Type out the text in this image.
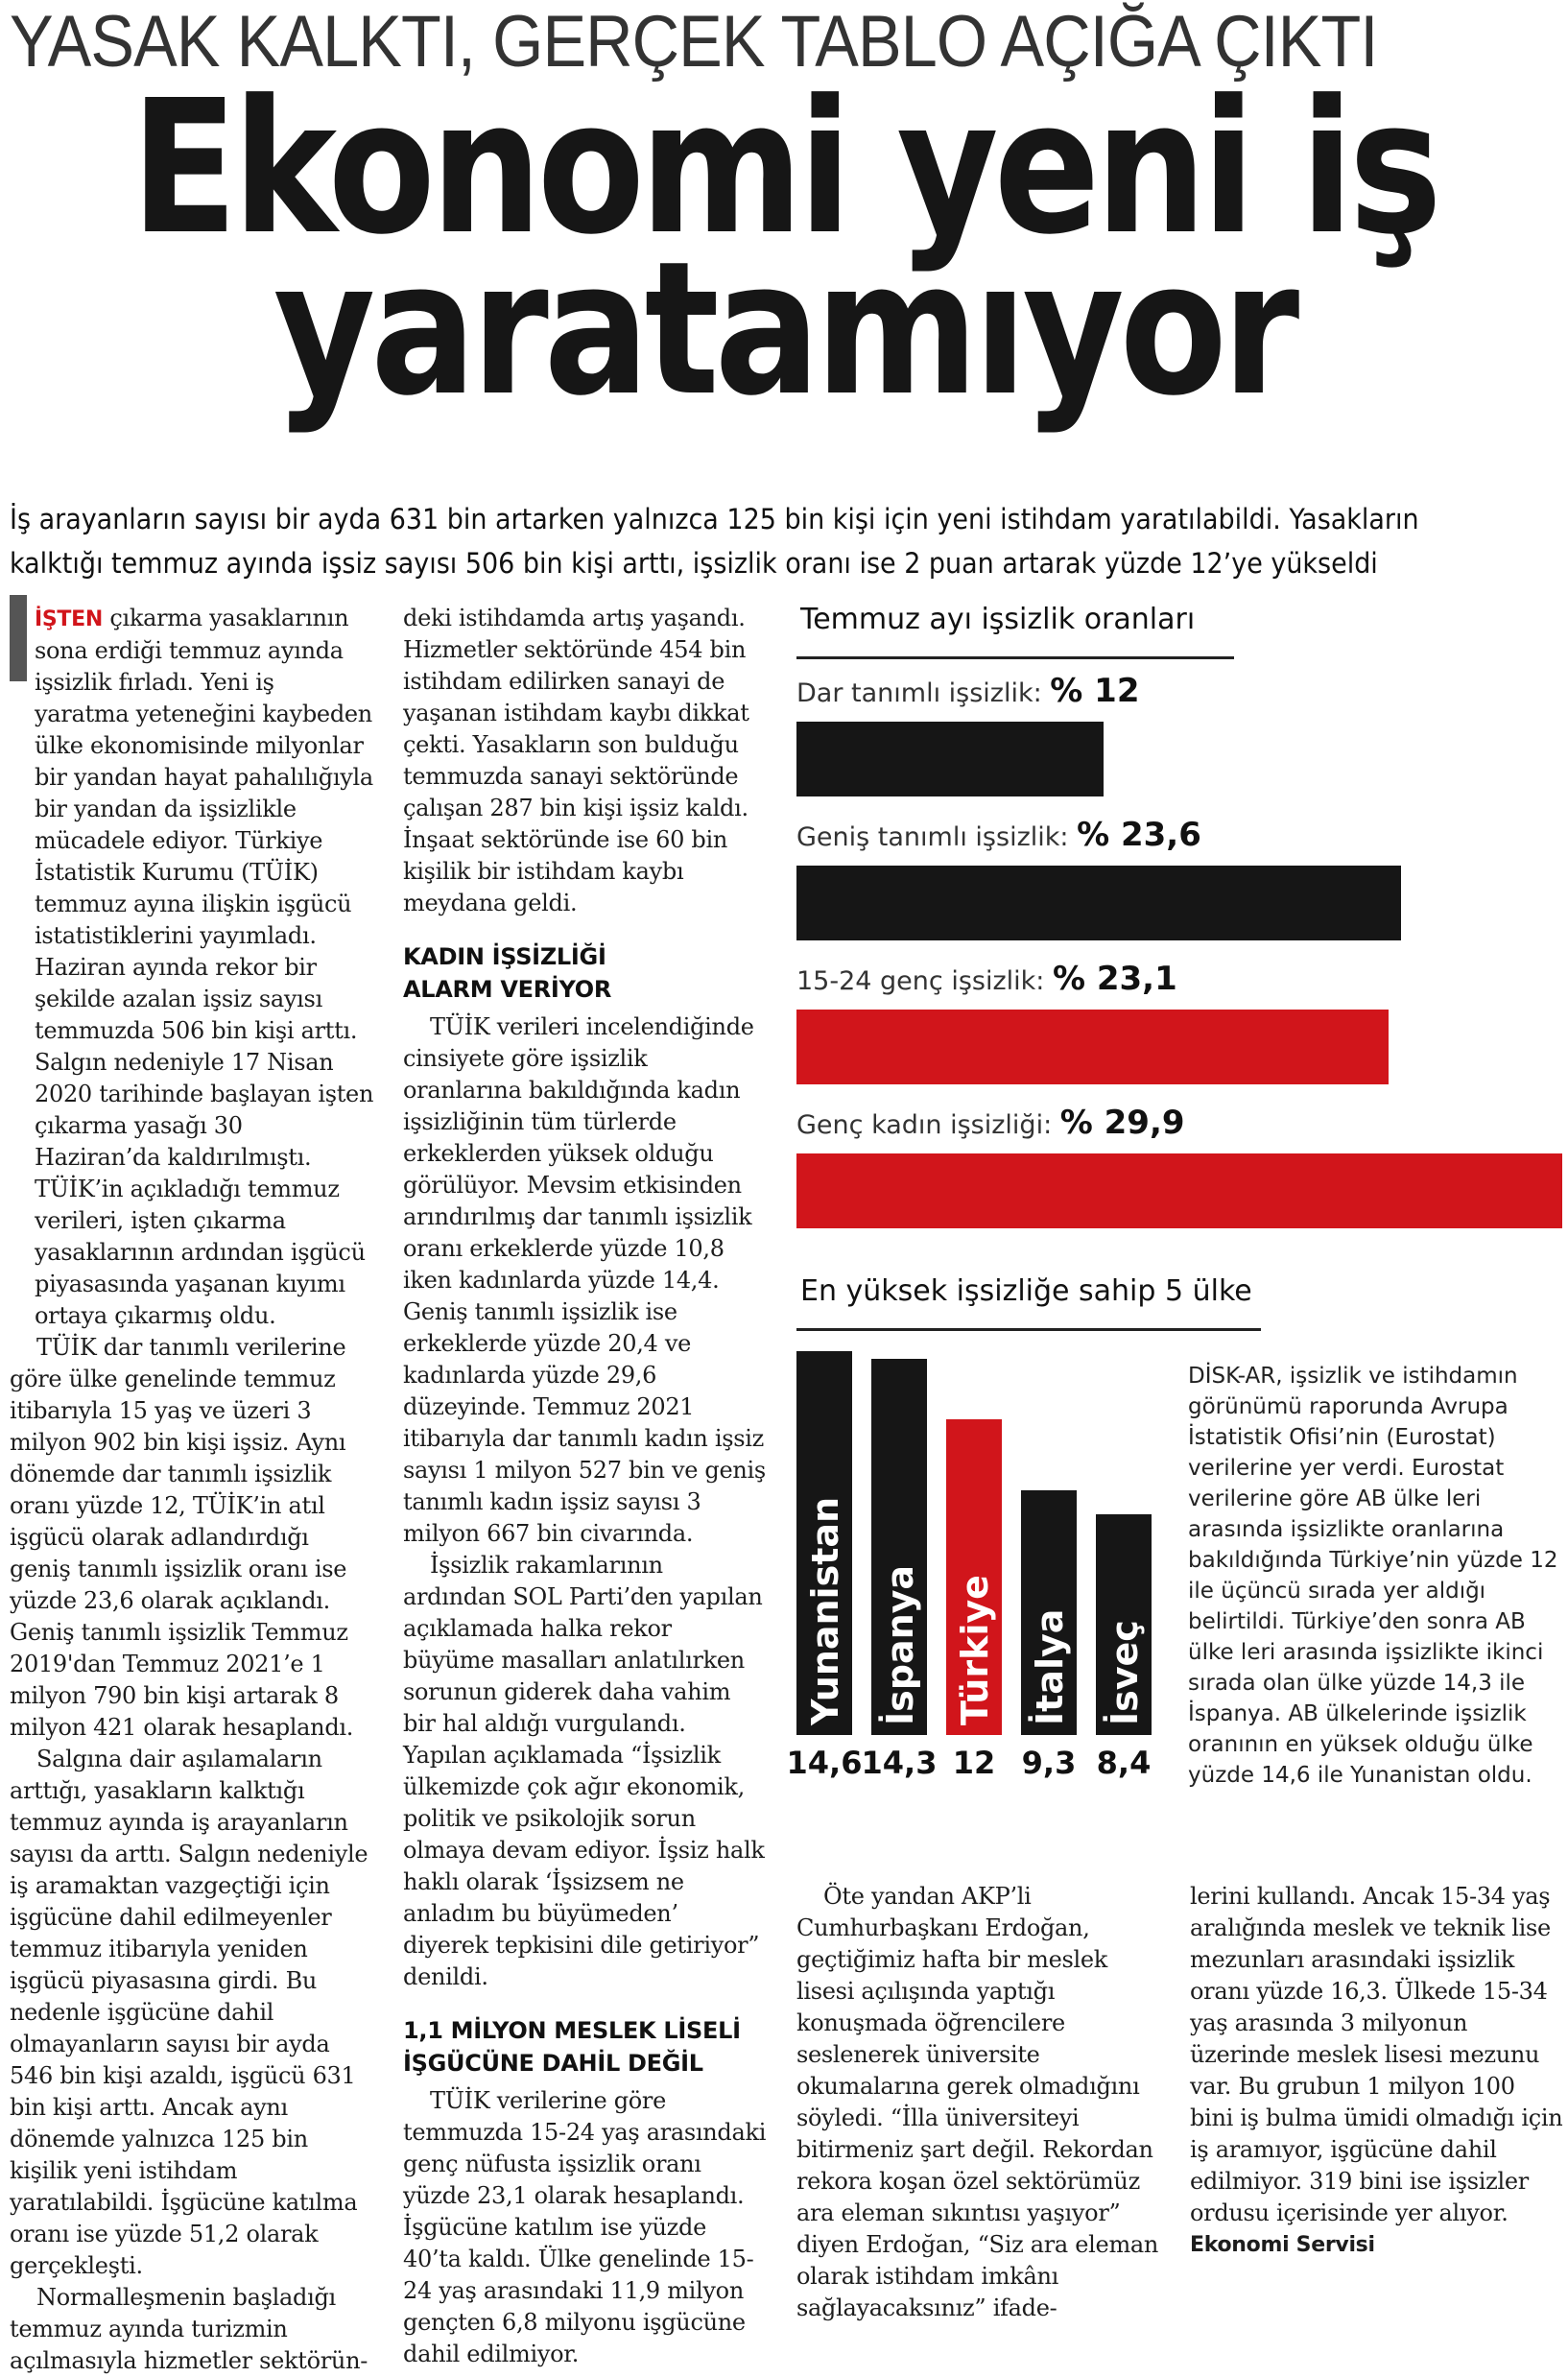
YASAK KALKTI, GERÇEK TABLO AÇIĞA ÇIKTI
Ekonomi yeni iş
yaratamıyor

İş arayanların sayısı bir ayda 631 bin artarken yalnızca 125 bin kişi için yeni istihdam yaratılabildi. Yasakların

kalktığı temmuz ayında işsiz sayısı 506 bin kişi arttı, işsizlik oranı ise 2 puan artarak yüzde 12’ye yükseldi

İŞTEN çıkarma yasaklarının sona erdiği temmuz ayında işsizlik fırladı. Yeni iş yaratma yeteneğini kaybeden ülke ekonomisinde milyonlar bir yandan hayat pahalılığıyla bir yandan da işsizlikle mücadele ediyor. Türkiye İstatistik Kurumu (TÜİK) temmuz ayına ilişkin işgücü istatistiklerini yayımladı. Haziran ayında rekor bir şekilde azalan işsiz sayısı temmuzda 506 bin kişi arttı. Salgın nedeniyle 17 Nisan 2020 tarihinde başlayan işten çıkarma yasağı 30 Haziran’da kaldırılmıştı. TÜİK’in açıkladığı temmuz verileri, işten çıkarma yasaklarının ardından işgücü piyasasında yaşanan kıyımı ortaya çıkarmış oldu.

TÜİK dar tanımlı verilerine göre ülke genelinde temmuz itibarıyla 15 yaş ve üzeri 3 milyon 902 bin kişi işsiz. Aynı dönemde dar tanımlı işsizlik oranı yüzde 12, TÜİK’in atıl işgücü olarak adlandırdığı geniş tanımlı işsizlik oranı ise yüzde 23,6 olarak açıklandı. Geniş tanımlı işsizlik Temmuz 2019'dan Temmuz 2021’e 1 milyon 790 bin kişi artarak 8 milyon 421 olarak hesaplandı.

Salgına dair aşılamaların arttığı, yasakların kalktığı temmuz ayında iş arayanların sayısı da arttı. Salgın nedeniyle iş aramaktan vazgeçtiği için işgücüne dahil edilmeyenler temmuz itibarıyla yeniden işgücü piyasasına girdi. Bu nedenle işgücüne dahil olmayanların sayısı bir ayda 546 bin kişi azaldı, işgücü 631 bin kişi arttı. Ancak aynı dönemde yalnızca 125 bin kişilik yeni istihdam yaratılabildi. İşgücüne katılma oranı ise yüzde 51,2 olarak gerçekleşti.

Normalleşmenin başladığı temmuz ayında turizmin açılmasıyla hizmetler sektörün-

deki istihdamda artış yaşandı. Hizmetler sektöründe 454 bin istihdam edilirken sanayi de yaşanan istihdam kaybı dikkat çekti. Yasakların son bulduğu temmuzda sanayi sektöründe çalışan 287 bin kişi işsiz kaldı. İnşaat sektöründe ise 60 bin kişilik bir istihdam kaybı meydana geldi.

KADIN İŞSİZLİĞİ
ALARM VERİYOR

TÜİK verileri incelendiğinde cinsiyete göre işsizlik oranlarına bakıldığında kadın işsizliğinin tüm türlerde erkeklerden yüksek olduğu görülüyor. Mevsim etkisinden arındırılmış dar tanımlı işsizlik oranı erkeklerde yüzde 10,8 iken kadınlarda yüzde 14,4. Geniş tanımlı işsizlik ise erkeklerde yüzde 20,4 ve kadınlarda yüzde 29,6 düzeyinde. Temmuz 2021 itibarıyla dar tanımlı kadın işsiz sayısı 1 milyon 527 bin ve geniş tanımlı kadın işsiz sayısı 3 milyon 667 bin civarında.

İşsizlik rakamlarının ardından SOL Parti’den yapılan açıklamada halka rekor büyüme masalları anlatılırken sorunun giderek daha vahim bir hal aldığı vurgulandı. Yapılan açıklamada “İşsizlik ülkemizde çok ağır ekonomik, politik ve psikolojik sorun olmaya devam ediyor. İşsiz halk haklı olarak ‘İşsizsem ne anladım bu büyümeden’ diyerek tepkisini dile getiriyor” denildi.

1,1 MİLYON MESLEK LİSELİ
İŞGÜCÜNE DAHİL DEĞİL

TÜİK verilerine göre temmuzda 15-24 yaş arasındaki genç nüfusta işsizlik oranı yüzde 23,1 olarak hesaplandı. İşgücüne katılım ise yüzde 40’ta kaldı. Ülke genelinde 15-24 yaş arasındaki 11,9 milyon gençten 6,8 milyonu işgücüne dahil edilmiyor.

Temmuz ayı işsizlik oranları
Dar tanımlı işsizlik: % 12
Geniş tanımlı işsizlik: % 23,6
15-24 genç işsizlik: % 23,1
Genç kadın işsizliği: % 29,9
En yüksek işsizliğe sahip 5 ülke
Yunanistan
14,6
İspanya
14,3
Türkiye
12
İtalya
9,3
İsveç
8,4
DİSK-AR, işsizlik ve istihdamın görünümü raporunda Avrupa İstatistik Ofisi’nin (Eurostat) verilerine yer verdi. Eurostat verilerine göre AB ülke leri arasında işsizlikte oranlarına bakıldığında Türkiye’nin yüzde 12 ile üçüncü sırada yer aldığı belirtildi. Türkiye’den sonra AB ülke leri arasında işsizlikte ikinci sırada olan ülke yüzde 14,3 ile İspanya. AB ülkelerinde işsizlik oranının en yüksek olduğu ülke yüzde 14,6 ile Yunanistan oldu.

Öte yandan AKP’li Cumhurbaşkanı Erdoğan, geçtiğimiz hafta bir meslek lisesi açılışında yaptığı konuşmada öğrencilere seslenerek üniversite okumalarına gerek olmadığını söyledi. “İlla üniversiteyi bitirmeniz şart değil. Rekordan rekora koşan özel sektörümüz ara eleman sıkıntısı yaşıyor” diyen Erdoğan, “Siz ara eleman olarak istihdam imkânı sağlayacaksınız” ifade-

lerini kullandı. Ancak 15-34 yaş aralığında meslek ve teknik lise mezunları arasındaki işsizlik oranı yüzde 16,3. Ülkede 15-34 yaş arasında 3 milyonun üzerinde meslek lisesi mezunu var. Bu grubun 1 milyon 100 bini iş bulma ümidi olmadığı için iş aramıyor, işgücüne dahil edilmiyor. 319 bini ise işsizler ordusu içerisinde yer alıyor.

Ekonomi Servisi
